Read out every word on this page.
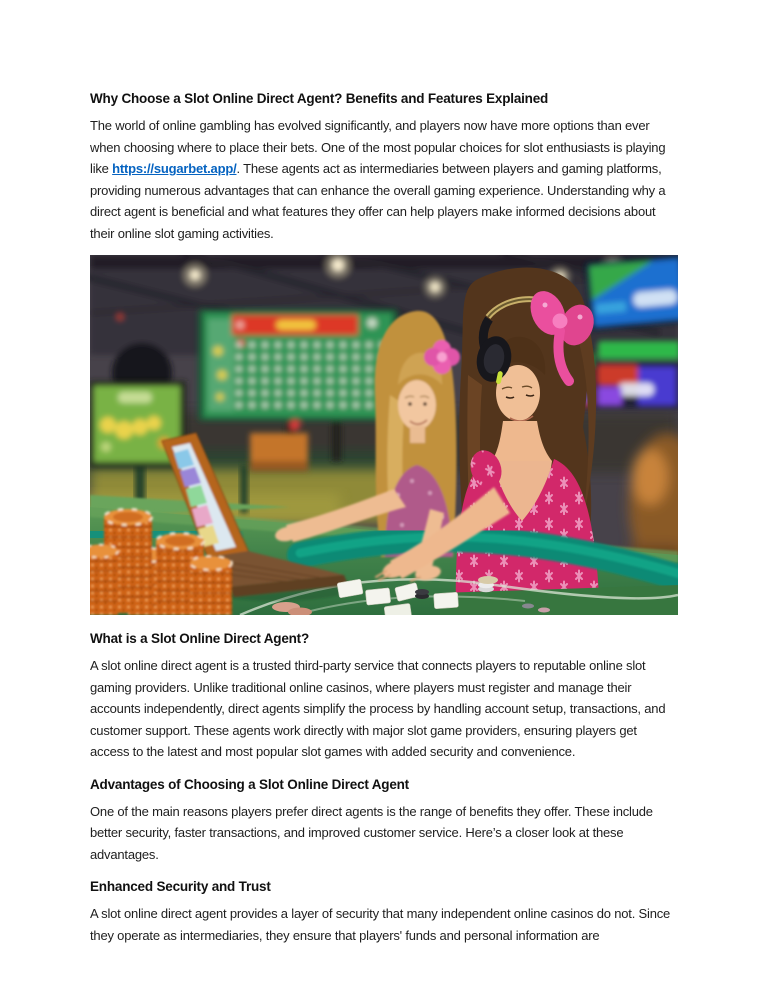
Why Choose a Slot Online Direct Agent? Benefits and Features Explained

The world of online gambling has evolved significantly, and players now have more options than ever when choosing where to place their bets. One of the most popular choices for slot enthusiasts is playing like https://sugarbet.app/. These agents act as intermediaries between players and gaming platforms, providing numerous advantages that can enhance the overall gaming experience. Understanding why a direct agent is beneficial and what features they offer can help players make informed decisions about their online slot gaming activities.

What is a Slot Online Direct Agent?

A slot online direct agent is a trusted third-party service that connects players to reputable online slot gaming providers. Unlike traditional online casinos, where players must register and manage their accounts independently, direct agents simplify the process by handling account setup, transactions, and customer support. These agents work directly with major slot game providers, ensuring players get access to the latest and most popular slot games with added security and convenience.

Advantages of Choosing a Slot Online Direct Agent

One of the main reasons players prefer direct agents is the range of benefits they offer. These include better security, faster transactions, and improved customer service. Here’s a closer look at these advantages.

Enhanced Security and Trust

A slot online direct agent provides a layer of security that many independent online casinos do not. Since they operate as intermediaries, they ensure that players' funds and personal information are
